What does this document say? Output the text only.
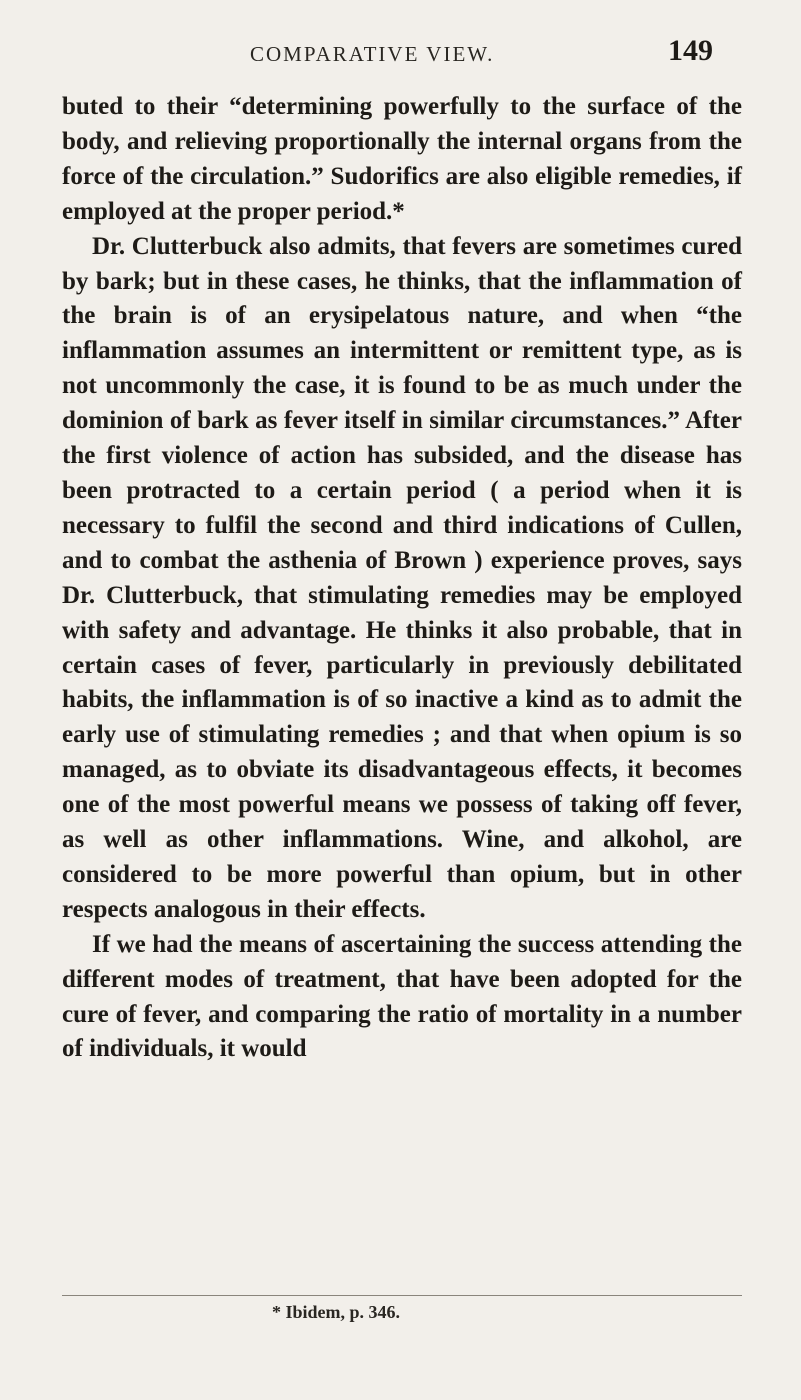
COMPARATIVE VIEW.	149

buted to their “determining powerfully to the surface of the body, and relieving proportionally the internal organs from the force of the circulation.” Sudorifics are also eligible remedies, if employed at the proper period.*

Dr. Clutterbuck also admits, that fevers are sometimes cured by bark; but in these cases, he thinks, that the inflammation of the brain is of an erysipelatous nature, and when “the inflammation assumes an intermittent or remittent type, as is not uncommonly the case, it is found to be as much under the dominion of bark as fever itself in similar circumstances.” After the first violence of action has subsided, and the disease has been protracted to a certain period ( a period when it is necessary to fulfil the second and third indications of Cullen, and to combat the asthenia of Brown ) experience proves, says Dr. Clutterbuck, that stimulating remedies may be employed with safety and advantage. He thinks it also probable, that in certain cases of fever, particularly in previously debilitated habits, the inflammation is of so inactive a kind as to admit the early use of stimulating remedies ; and that when opium is so managed, as to obviate its disadvantageous effects, it becomes one of the most powerful means we possess of taking off fever, as well as other inflammations. Wine, and alkohol, are considered to be more powerful than opium, but in other respects analogous in their effects.

If we had the means of ascertaining the success attending the different modes of treatment, that have been adopted for the cure of fever, and comparing the ratio of mortality in a number of individuals, it would

* Ibidem, p. 346.
